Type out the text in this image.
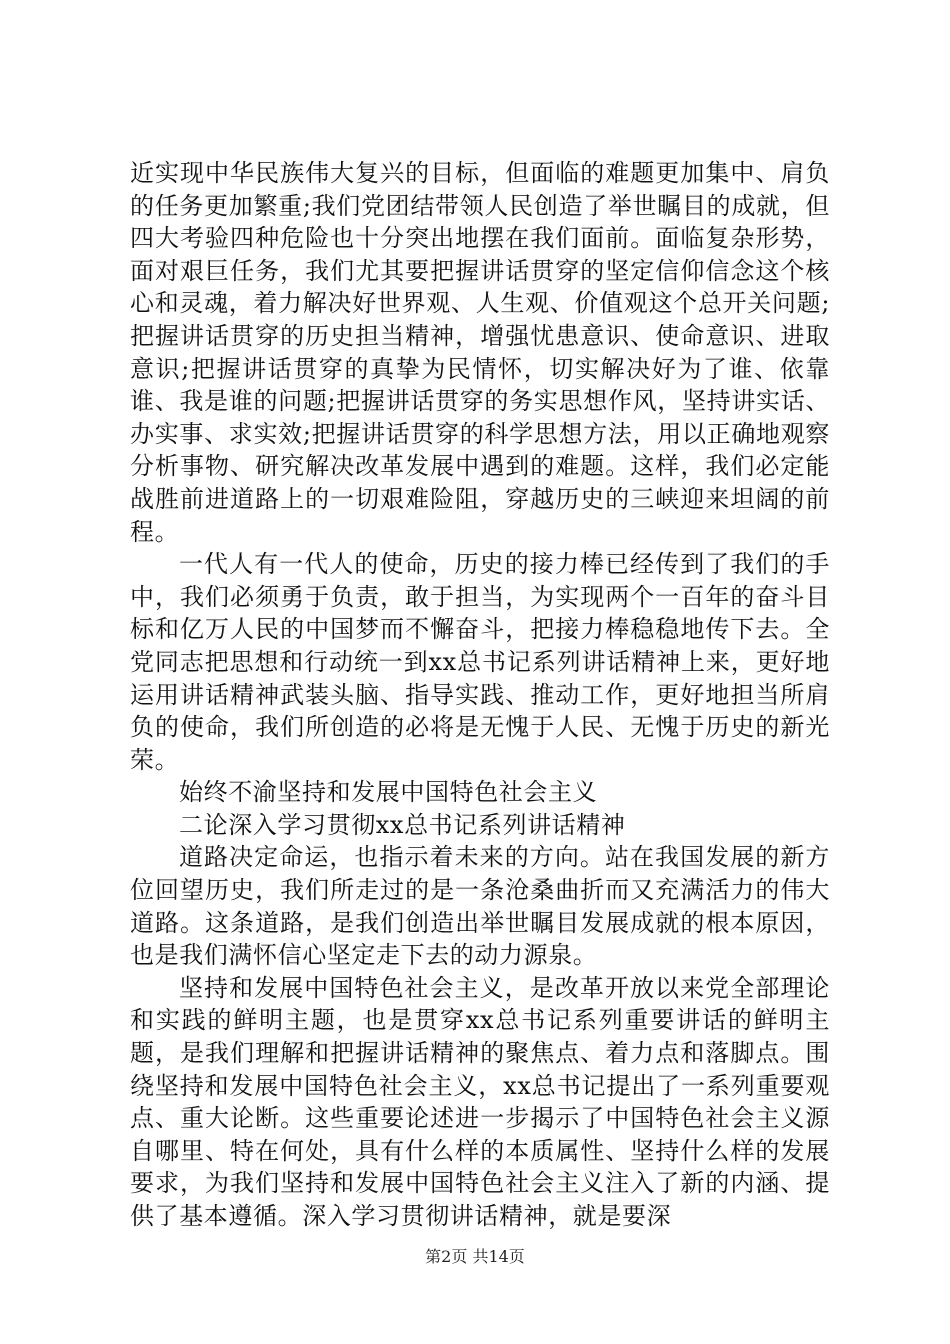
近实现中华民族伟大复兴的目标，但面临的难题更加集中、肩负的任务更加繁重;我们党团结带领人民创造了举世瞩目的成就，但四大考验四种危险也十分突出地摆在我们面前。面临复杂形势，面对艰巨任务，我们尤其要把握讲话贯穿的坚定信仰信念这个核心和灵魂，着力解决好世界观、人生观、价值观这个总开关问题;把握讲话贯穿的历史担当精神，增强忧患意识、使命意识、进取意识;把握讲话贯穿的真挚为民情怀，切实解决好为了谁、依靠谁、我是谁的问题;把握讲话贯穿的务实思想作风，坚持讲实话、办实事、求实效;把握讲话贯穿的科学思想方法，用以正确地观察分析事物、研究解决改革发展中遇到的难题。这样，我们必定能战胜前进道路上的一切艰难险阻，穿越历史的三峡迎来坦阔的前程。

一代人有一代人的使命，历史的接力棒已经传到了我们的手中，我们必须勇于负责，敢于担当，为实现两个一百年的奋斗目标和亿万人民的中国梦而不懈奋斗，把接力棒稳稳地传下去。全党同志把思想和行动统一到xx总书记系列讲话精神上来，更好地运用讲话精神武装头脑、指导实践、推动工作，更好地担当所肩负的使命，我们所创造的必将是无愧于人民、无愧于历史的新光荣。

始终不渝坚持和发展中国特色社会主义

二论深入学习贯彻xx总书记系列讲话精神

道路决定命运，也指示着未来的方向。站在我国发展的新方位回望历史，我们所走过的是一条沧桑曲折而又充满活力的伟大道路。这条道路，是我们创造出举世瞩目发展成就的根本原因，也是我们满怀信心坚定走下去的动力源泉。

坚持和发展中国特色社会主义，是改革开放以来党全部理论和实践的鲜明主题，也是贯穿xx总书记系列重要讲话的鲜明主题，是我们理解和把握讲话精神的聚焦点、着力点和落脚点。围绕坚持和发展中国特色社会主义，xx总书记提出了一系列重要观点、重大论断。这些重要论述进一步揭示了中国特色社会主义源自哪里、特在何处，具有什么样的本质属性、坚持什么样的发展要求，为我们坚持和发展中国特色社会主义注入了新的内涵、提供了基本遵循。深入学习贯彻讲话精神，就是要深

第2页 共14页
